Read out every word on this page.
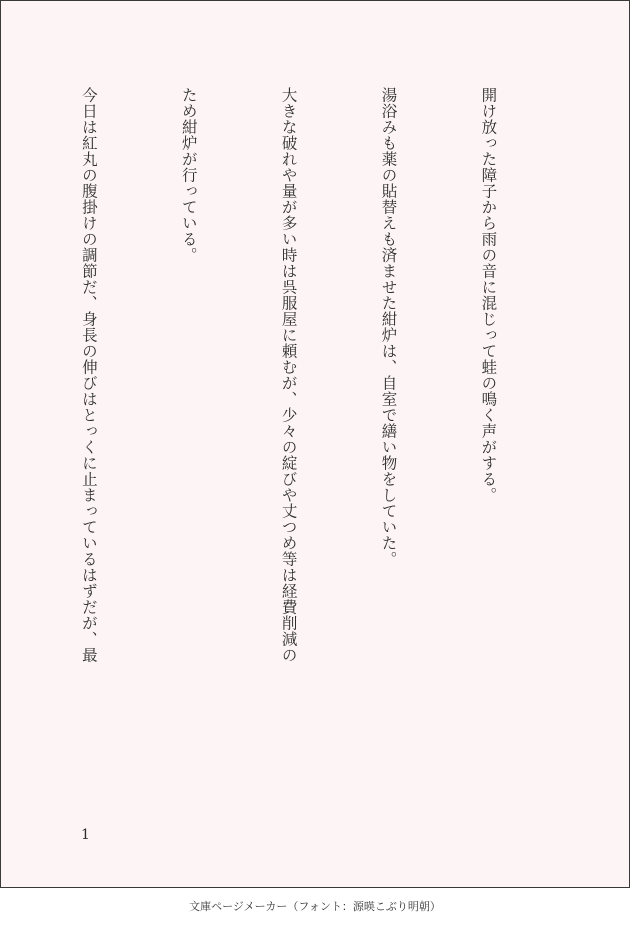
開け放った障子から雨の音に混じって蛙の鳴く声がする。

湯浴みも薬の貼替えも済ませた紺炉は、自室で繕い物をしていた。

大きな破れや量が多い時は呉服屋に頼むが、少々の綻びや丈つめ等は経費削減の

ため紺炉が行っている。

今日は紅丸の腹掛けの調節だ、身長の伸びはとっくに止まっているはずだが、最

1
文庫ページメーカー（フォント：源暎こぶり明朝）
